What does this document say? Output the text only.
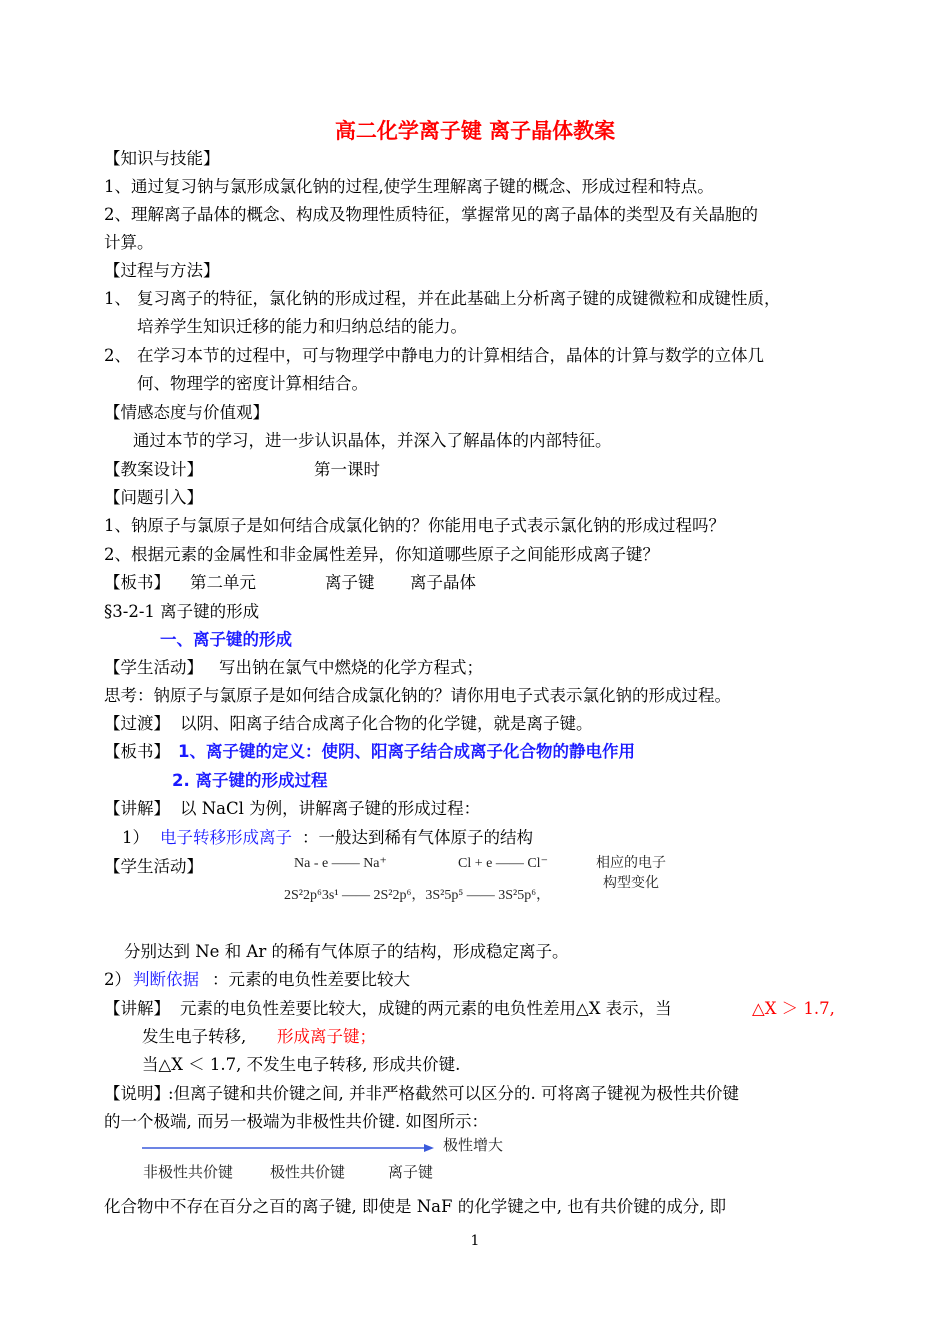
高二化学离子键 离子晶体教案
【知识与技能】
1、通过复习钠与氯形成氯化钠的过程,使学生理解离子键的概念、形成过程和特点。
2、理解离子晶体的概念、构成及物理性质特征，掌握常见的离子晶体的类型及有关晶胞的
计算。
【过程与方法】
1、 复习离子的特征，氯化钠的形成过程，并在此基础上分析离子键的成键微粒和成键性质，
培养学生知识迁移的能力和归纳总结的能力。
2、 在学习本节的过程中，可与物理学中静电力的计算相结合，晶体的计算与数学的立体几
何、物理学的密度计算相结合。
【情感态度与价值观】
通过本节的学习，进一步认识晶体，并深入了解晶体的内部特征。
【教案设计】	第一课时
【问题引入】
1、钠原子与氯原子是如何结合成氯化钠的？你能用电子式表示氯化钠的形成过程吗？
2、根据元素的金属性和非金属性差异，你知道哪些原子之间能形成离子键？
【板书】 第二单元	离子键 离子晶体
§3-2-1 离子键的形成
一、离子键的形成
【学生活动】 写出钠在氯气中燃烧的化学方程式；
思考：钠原子与氯原子是如何结合成氯化钠的？请你用电子式表示氯化钠的形成过程。
【过渡】 以阴、阳离子结合成离子化合物的化学键，就是离子键。
【板书】 1、离子键的定义：使阴、阳离子结合成离子化合物的静电作用
2. 离子键的形成过程
【讲解】 以 NaCl 为例，讲解离子键的形成过程：
1） 电子转移形成离子 ：一般达到稀有气体原子的结构
【学生活动】	Na - e —— Na⁺	Cl + e —— Cl⁻
2S²2p⁶3s¹ —— 2S²2p⁶，3S²5p⁵ —— 3S²5p⁶，
相应的电子
构型变化
分别达到 Ne 和 Ar 的稀有气体原子的结构，形成稳定离子。
2） 判断依据 ：元素的电负性差要比较大
【讲解】 元素的电负性差要比较大，成键的两元素的电负性差用△X 表示，当	△X ＞ 1.7,
发生电子转移, 形成离子键；
当△X ＜ 1.7, 不发生电子转移, 形成共价键.
【说明】
:但离子键和共价键之间, 并非严格截然可以区分的. 可将离子键视为极性共价键
的一个极端, 而另一极端为非极性共价键. 如图所示：
极性增大
非极性共价键 极性共价键	离子键
化合物中不存在百分之百的离子键, 即使是 NaF 的化学键之中, 也有共价键的成分, 即
1
